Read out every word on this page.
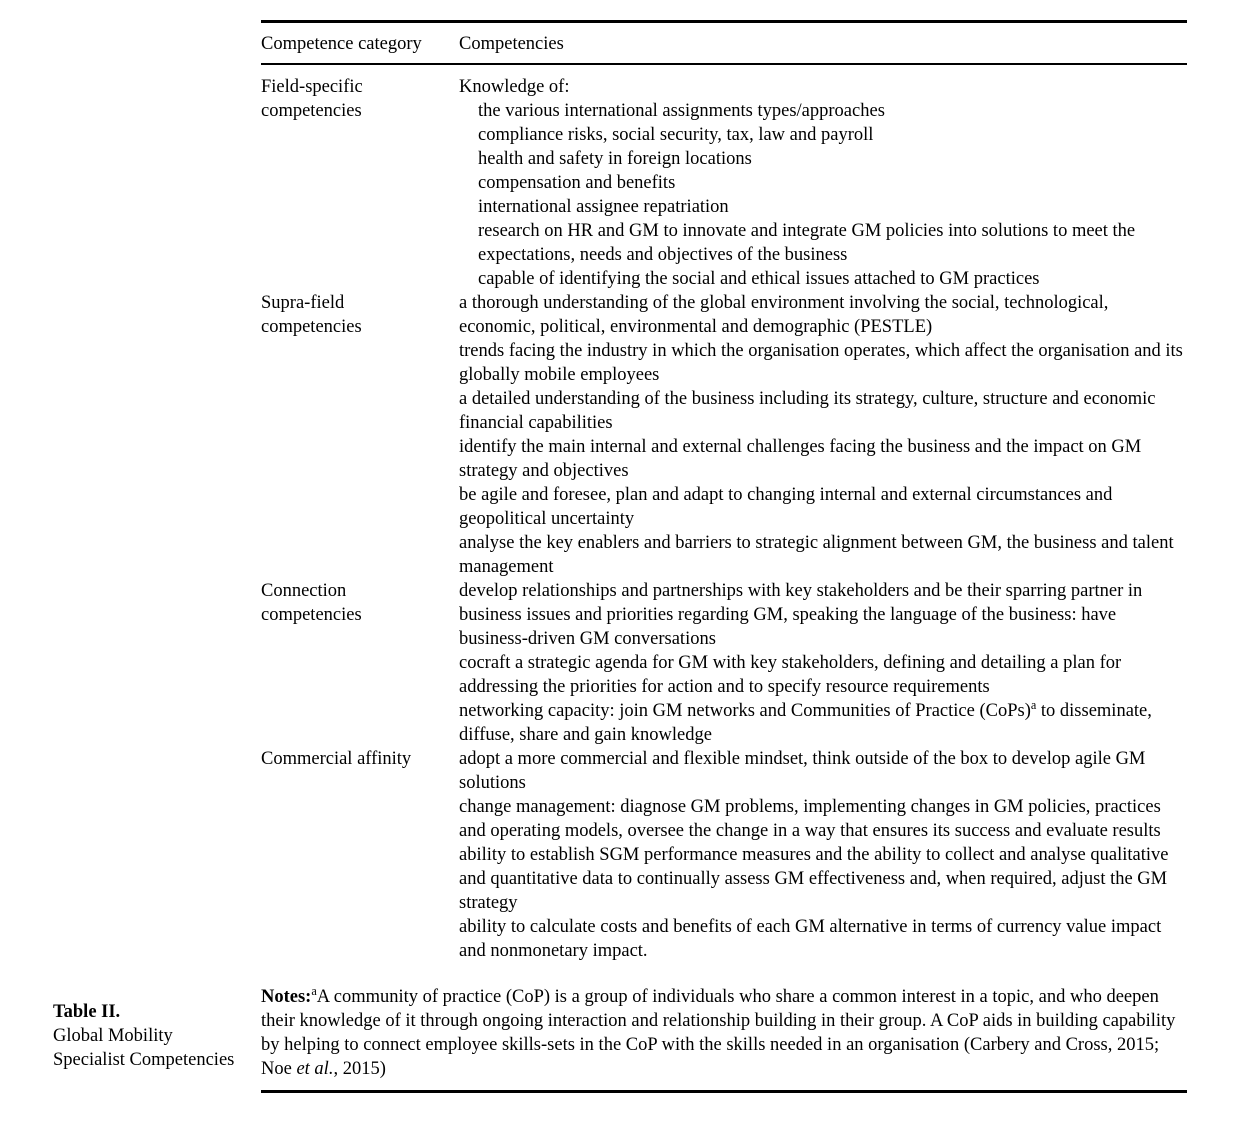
Table II.
Global Mobility
Specialist Competencies
Competence category	Competencies
Field-specific
competencies
Knowledge of:
the various international assignments types/approaches
compliance risks, social security, tax, law and payroll
health and safety in foreign locations
compensation and benefits
international assignee repatriation
research on HR and GM to innovate and integrate GM policies into solutions to meet the expectations, needs and objectives of the business
capable of identifying the social and ethical issues attached to GM practices
Supra-field
competencies
a thorough understanding of the global environment involving the social, technological, economic, political, environmental and demographic (PESTLE)
trends facing the industry in which the organisation operates, which affect the organisation and its globally mobile employees
a detailed understanding of the business including its strategy, culture, structure and economic financial capabilities
identify the main internal and external challenges facing the business and the impact on GM strategy and objectives
be agile and foresee, plan and adapt to changing internal and external circumstances and geopolitical uncertainty
analyse the key enablers and barriers to strategic alignment between GM, the business and talent management
Connection
competencies
develop relationships and partnerships with key stakeholders and be their sparring partner in business issues and priorities regarding GM, speaking the language of the business: have business-driven GM conversations
cocraft a strategic agenda for GM with key stakeholders, defining and detailing a plan for addressing the priorities for action and to specify resource requirements
networking capacity: join GM networks and Communities of Practice (CoPs)$^a$ to disseminate, diffuse, share and gain knowledge
Commercial affinity	adopt a more commercial and flexible mindset, think outside of the box to develop agile GM solutions
change management: diagnose GM problems, implementing changes in GM policies, practices and operating models, oversee the change in a way that ensures its success and evaluate results
ability to establish SGM performance measures and the ability to collect and analyse qualitative and quantitative data to continually assess GM effectiveness and, when required, adjust the GM strategy
ability to calculate costs and benefits of each GM alternative in terms of currency value impact and nonmonetary impact.
Notes:$^a$A community of practice (CoP) is a group of individuals who share a common interest in a topic, and who deepen their knowledge of it through ongoing interaction and relationship building in their group. A CoP aids in building capability by helping to connect employee skills-sets in the CoP with the skills needed in an organisation (Carbery and Cross, 2015; Noe et al., 2015)
